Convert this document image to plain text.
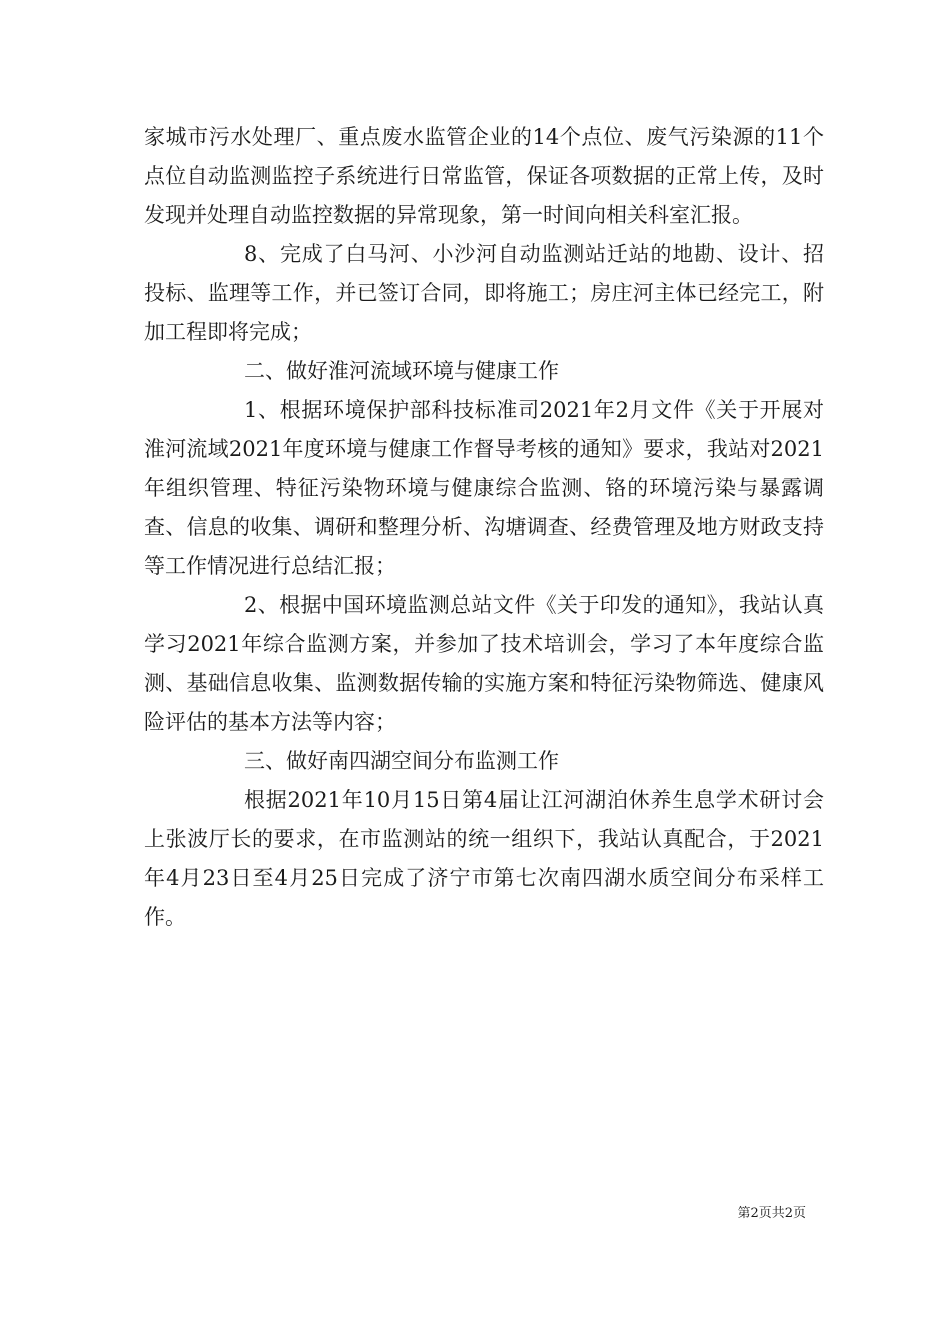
家城市污水处理厂、重点废水监管企业的14个点位、废气污染源的11个点位自动监测监控子系统进行日常监管，保证各项数据的正常上传，及时发现并处理自动监控数据的异常现象，第一时间向相关科室汇报。

8、完成了白马河、小沙河自动监测站迁站的地勘、设计、招投标、监理等工作，并已签订合同，即将施工；房庄河主体已经完工，附加工程即将完成；

二、做好淮河流域环境与健康工作

1、根据环境保护部科技标准司2021年2月文件《关于开展对淮河流域2021年度环境与健康工作督导考核的通知》要求，我站对2021年组织管理、特征污染物环境与健康综合监测、铬的环境污染与暴露调查、信息的收集、调研和整理分析、沟塘调查、经费管理及地方财政支持等工作情况进行总结汇报；

2、根据中国环境监测总站文件《关于印发的通知》，我站认真学习2021年综合监测方案，并参加了技术培训会，学习了本年度综合监测、基础信息收集、监测数据传输的实施方案和特征污染物筛选、健康风险评估的基本方法等内容；

三、做好南四湖空间分布监测工作

根据2021年10月15日第4届让江河湖泊休养生息学术研讨会上张波厅长的要求，在市监测站的统一组织下，我站认真配合，于2021年4月23日至4月25日完成了济宁市第七次南四湖水质空间分布采样工作。

第2页共2页
